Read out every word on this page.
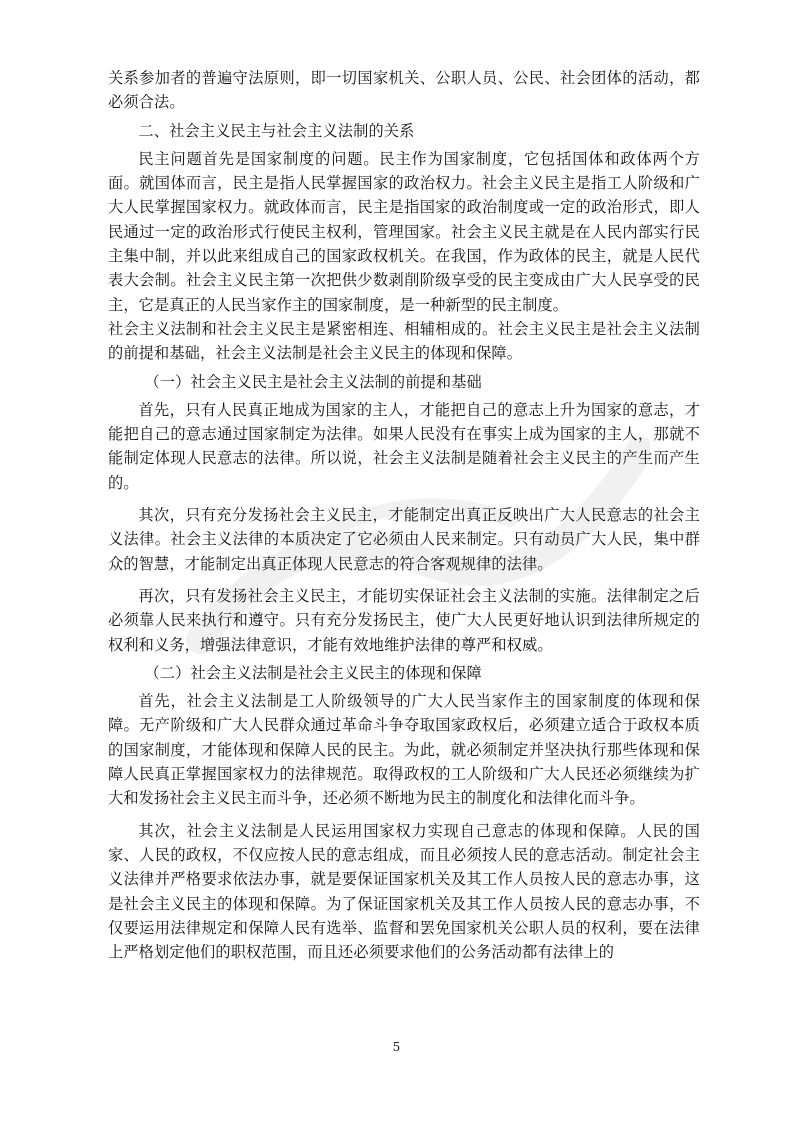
关系参加者的普遍守法原则，即一切国家机关、公职人员、公民、社会团体的活动，都必须合法。

二、社会主义民主与社会主义法制的关系

民主问题首先是国家制度的问题。民主作为国家制度，它包括国体和政体两个方面。就国体而言，民主是指人民掌握国家的政治权力。社会主义民主是指工人阶级和广大人民掌握国家权力。就政体而言，民主是指国家的政治制度或一定的政治形式，即人民通过一定的政治形式行使民主权利，管理国家。社会主义民主就是在人民内部实行民主集中制，并以此来组成自己的国家政权机关。在我国，作为政体的民主，就是人民代表大会制。社会主义民主第一次把供少数剥削阶级享受的民主变成由广大人民享受的民主，它是真正的人民当家作主的国家制度，是一种新型的民主制度。

社会主义法制和社会主义民主是紧密相连、相辅相成的。社会主义民主是社会主义法制的前提和基础，社会主义法制是社会主义民主的体现和保障。

（一）社会主义民主是社会主义法制的前提和基础

首先，只有人民真正地成为国家的主人，才能把自己的意志上升为国家的意志，才能把自己的意志通过国家制定为法律。如果人民没有在事实上成为国家的主人，那就不能制定体现人民意志的法律。所以说，社会主义法制是随着社会主义民主的产生而产生的。

其次，只有充分发扬社会主义民主，才能制定出真正反映出广大人民意志的社会主义法律。社会主义法律的本质决定了它必须由人民来制定。只有动员广大人民，集中群众的智慧，才能制定出真正体现人民意志的符合客观规律的法律。

再次，只有发扬社会主义民主，才能切实保证社会主义法制的实施。法律制定之后必须靠人民来执行和遵守。只有充分发扬民主，使广大人民更好地认识到法律所规定的权利和义务，增强法律意识，才能有效地维护法律的尊严和权威。

（二）社会主义法制是社会主义民主的体现和保障

首先，社会主义法制是工人阶级领导的广大人民当家作主的国家制度的体现和保障。无产阶级和广大人民群众通过革命斗争夺取国家政权后，必须建立适合于政权本质的国家制度，才能体现和保障人民的民主。为此，就必须制定并坚决执行那些体现和保障人民真正掌握国家权力的法律规范。取得政权的工人阶级和广大人民还必须继续为扩大和发扬社会主义民主而斗争，还必须不断地为民主的制度化和法律化而斗争。

其次，社会主义法制是人民运用国家权力实现自己意志的体现和保障。人民的国家、人民的政权，不仅应按人民的意志组成，而且必须按人民的意志活动。制定社会主义法律并严格要求依法办事，就是要保证国家机关及其工作人员按人民的意志办事，这是社会主义民主的体现和保障。为了保证国家机关及其工作人员按人民的意志办事，不仅要运用法律规定和保障人民有选举、监督和罢免国家机关公职人员的权利，要在法律上严格划定他们的职权范围，而且还必须要求他们的公务活动都有法律上的

5
